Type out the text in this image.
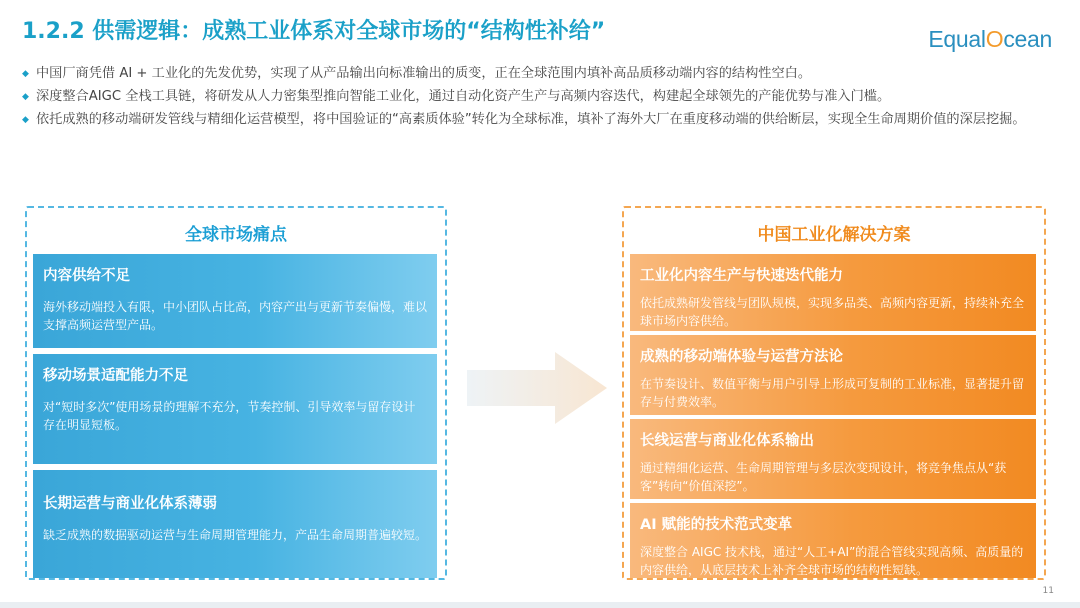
1.2.2 供需逻辑：成熟工业体系对全球市场的“结构性补给”	EqualOcean
◆ 中国厂商凭借 AI + 工业化的先发优势，实现了从产品输出向标准输出的质变，正在全球范围内填补高品质移动端内容的结构性空白。
◆ 深度整合AIGC 全栈工具链，将研发从人力密集型推向智能工业化，通过自动化资产生产与高频内容迭代，构建起全球领先的产能优势与准入门槛。
◆ 依托成熟的移动端研发管线与精细化运营模型，将中国验证的“高素质体验”转化为全球标准，填补了海外大厂在重度移动端的供给断层，实现全生命周期价值的深层挖掘。
全球市场痛点
内容供给不足
海外移动端投入有限，中小团队占比高，内容产出与更新节奏偏慢，难以支撑高频运营型产品。
移动场景适配能力不足
对“短时多次”使用场景的理解不充分，节奏控制、引导效率与留存设计存在明显短板。
长期运营与商业化体系薄弱
缺乏成熟的数据驱动运营与生命周期管理能力，产品生命周期普遍较短。
中国工业化解决方案
工业化内容生产与快速迭代能力
依托成熟研发管线与团队规模，实现多品类、高频内容更新，持续补充全球市场内容供给。
成熟的移动端体验与运营方法论
在节奏设计、数值平衡与用户引导上形成可复制的工业标准，显著提升留存与付费效率。
长线运营与商业化体系输出
通过精细化运营、生命周期管理与多层次变现设计，将竞争焦点从“获客”转向“价值深挖”。
AI 赋能的技术范式变革
深度整合 AIGC 技术栈，通过“人工+AI”的混合管线实现高频、高质量的内容供给，从底层技术上补齐全球市场的结构性短缺。
11
